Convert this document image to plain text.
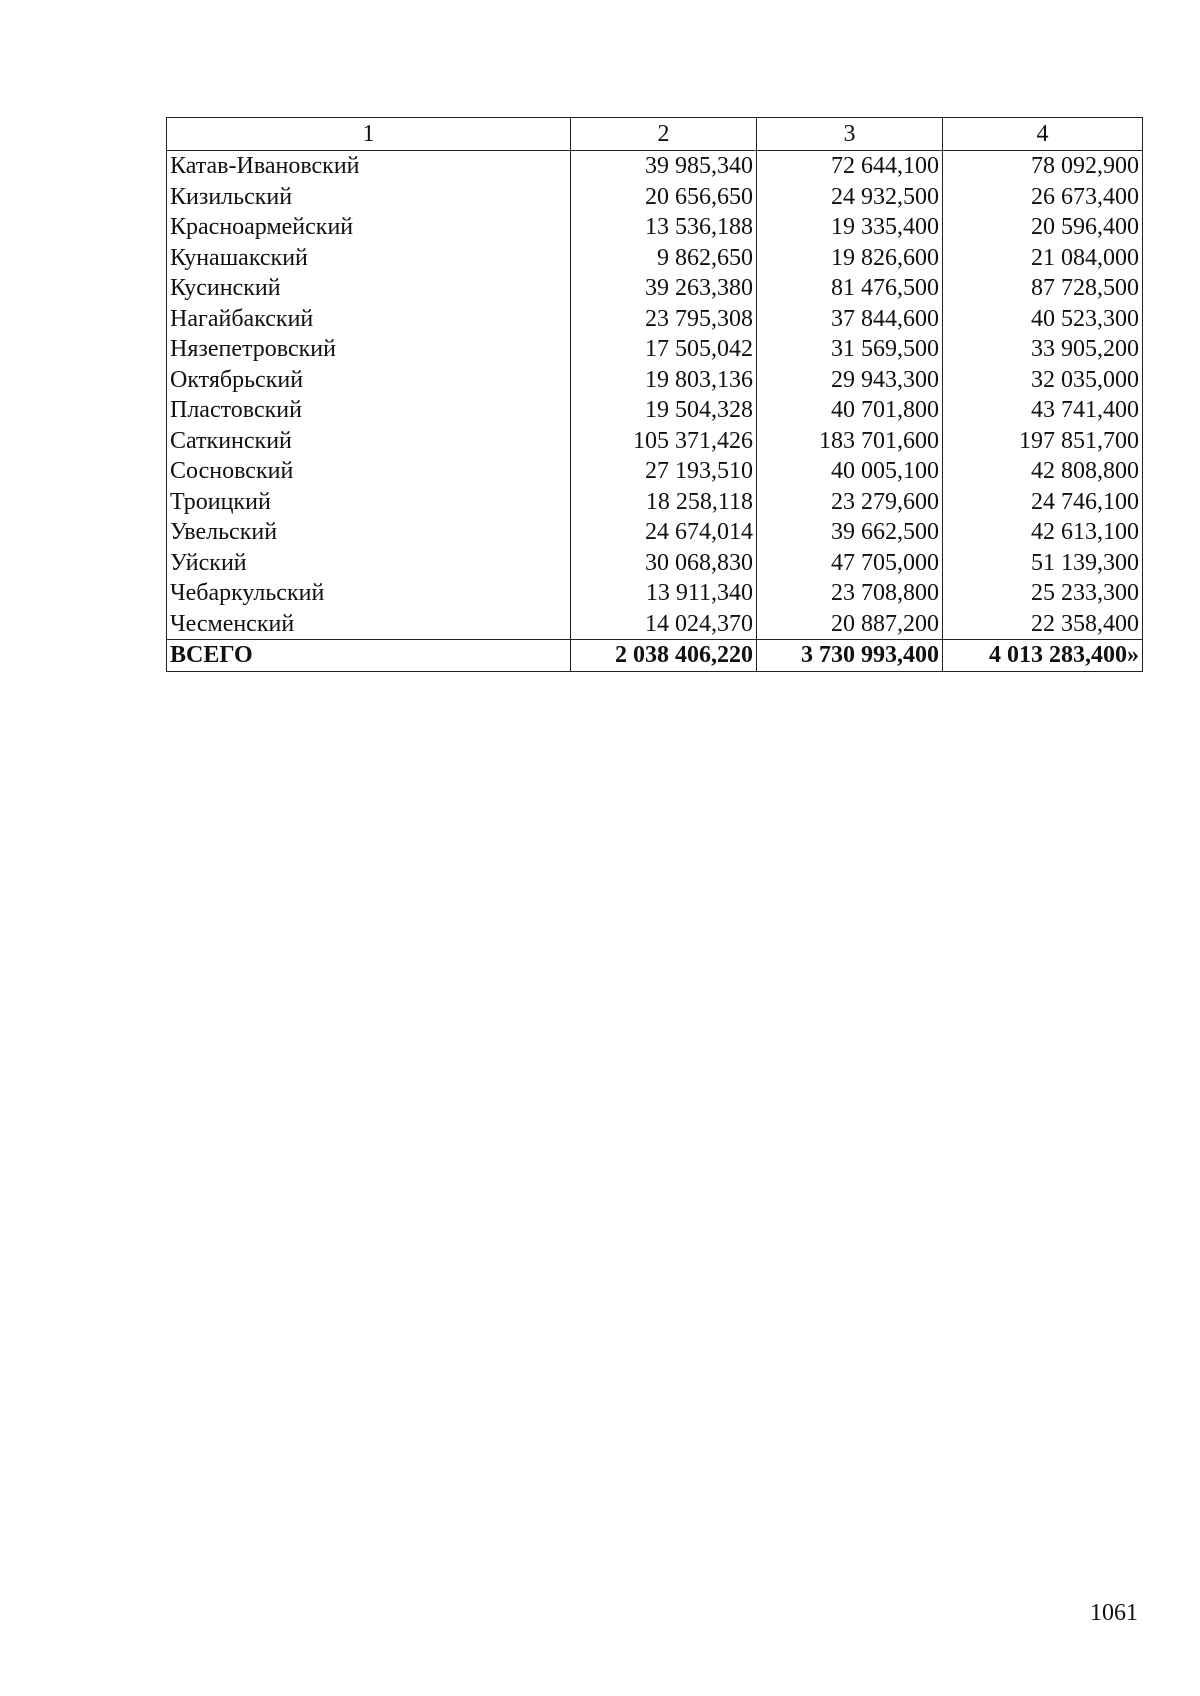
1	2	3	4
Катав-Ивановский	39 985,340	72 644,100	78 092,900
Кизильский	20 656,650	24 932,500	26 673,400
Красноармейский	13 536,188	19 335,400	20 596,400
Кунашакский	9 862,650	19 826,600	21 084,000
Кусинский	39 263,380	81 476,500	87 728,500
Нагайбакский	23 795,308	37 844,600	40 523,300
Нязепетровский	17 505,042	31 569,500	33 905,200
Октябрьский	19 803,136	29 943,300	32 035,000
Пластовский	19 504,328	40 701,800	43 741,400
Саткинский	105 371,426	183 701,600	197 851,700
Сосновский	27 193,510	40 005,100	42 808,800
Троицкий	18 258,118	23 279,600	24 746,100
Увельский	24 674,014	39 662,500	42 613,100
Уйский	30 068,830	47 705,000	51 139,300
Чебаркульский	13 911,340	23 708,800	25 233,300
Чесменский	14 024,370	20 887,200	22 358,400
ВСЕГО	2 038 406,220	3 730 993,400	4 013 283,400»
1061
